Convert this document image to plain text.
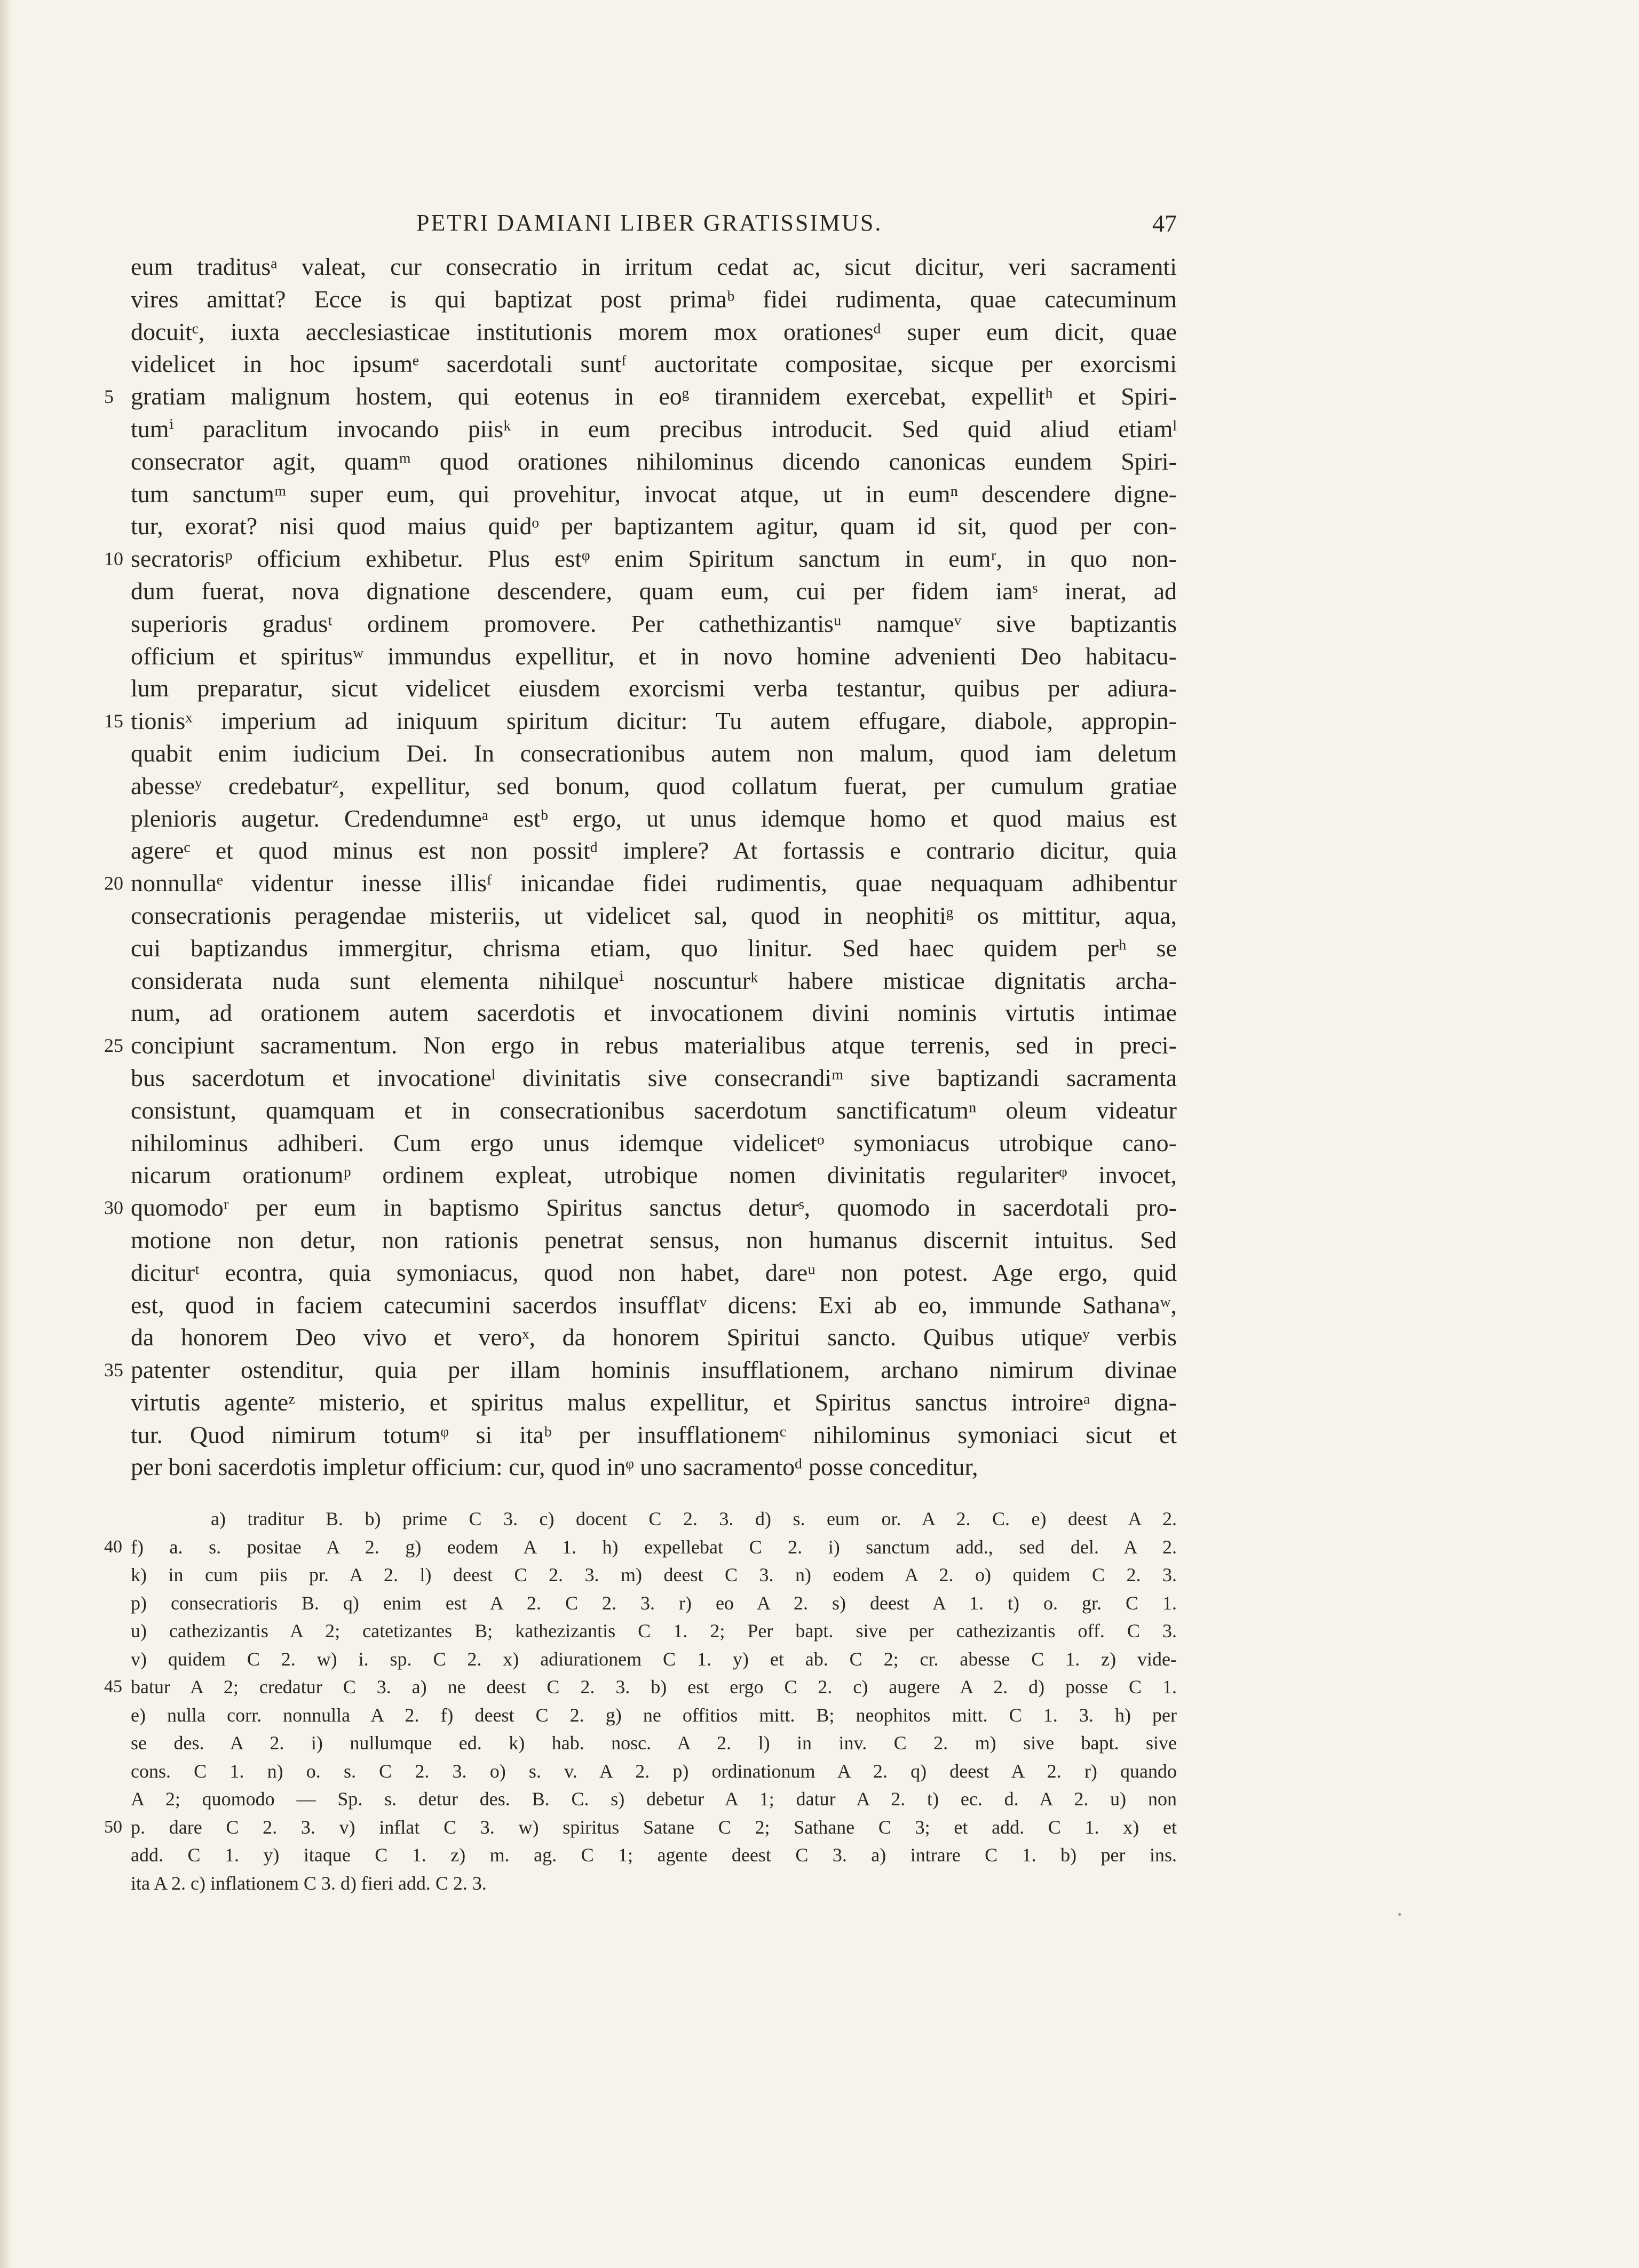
PETRI DAMIANI LIBER GRATISSIMUS.	47
eum traditusᵃ valeat, cur consecratio in irritum cedat ac, sicut dicitur, veri sacramenti
vires amittat? Ecce is qui baptizat post primaᵇ fidei rudimenta, quae catecuminum
docuitᶜ, iuxta aecclesiasticae institutionis morem mox orationesᵈ super eum dicit, quae
videlicet in hoc ipsumᵉ sacerdotali suntᶠ auctoritate compositae, sicque per exorcismi
5 gratiam malignum hostem, qui eotenus in eoᵍ tirannidem exercebat, expellitʰ et Spiri-
tumⁱ paraclitum invocando piisᵏ in eum precibus introducit. Sed quid aliud etiamˡ
consecrator agit, quamᵐ quod orationes nihilominus dicendo canonicas eundem Spiri-
tum sanctumᵐ super eum, qui provehitur, invocat atque, ut in eumⁿ descendere digne-
tur, exorat? nisi quod maius quidᵒ per baptizantem agitur, quam id sit, quod per con-
10 secratorisᵖ officium exhibetur. Plus estᵠ enim Spiritum sanctum in eumʳ, in quo non-
dum fuerat, nova dignatione descendere, quam eum, cui per fidem iamˢ inerat, ad
superioris gradusᵗ ordinem promovere. Per cathethizantisᵘ namqueᵛ sive baptizantis
officium et spiritusʷ immundus expellitur, et in novo homine advenienti Deo habitacu-
lum preparatur, sicut videlicet eiusdem exorcismi verba testantur, quibus per adiura-
15 tionisˣ imperium ad iniquum spiritum dicitur: Tu autem effugare, diabole, appropin-
quabit enim iudicium Dei. In consecrationibus autem non malum, quod iam deletum
abesseʸ credebaturᶻ, expellitur, sed bonum, quod collatum fuerat, per cumulum gratiae
plenioris augetur. Credendumneᵃ estᵇ ergo, ut unus idemque homo et quod maius est
agereᶜ et quod minus est non possitᵈ implere? At fortassis e contrario dicitur, quia
20 nonnullaᵉ videntur inesse illisᶠ inicandae fidei rudimentis, quae nequaquam adhibentur
consecrationis peragendae misteriis, ut videlicet sal, quod in neophitiᵍ os mittitur, aqua,
cui baptizandus immergitur, chrisma etiam, quo linitur. Sed haec quidem perʰ se
considerata nuda sunt elementa nihilqueⁱ noscunturᵏ habere misticae dignitatis archa-
num, ad orationem autem sacerdotis et invocationem divini nominis virtutis intimae
25 concipiunt sacramentum. Non ergo in rebus materialibus atque terrenis, sed in preci-
bus sacerdotum et invocationeˡ divinitatis sive consecrandiᵐ sive baptizandi sacramenta
consistunt, quamquam et in consecrationibus sacerdotum sanctificatumⁿ oleum videatur
nihilominus adhiberi. Cum ergo unus idemque videlicetᵒ symoniacus utrobique cano-
nicarum orationumᵖ ordinem expleat, utrobique nomen divinitatis regulariterᵠ invocet,
30 quomodoʳ per eum in baptismo Spiritus sanctus deturˢ, quomodo in sacerdotali pro-
motione non detur, non rationis penetrat sensus, non humanus discernit intuitus. Sed
diciturᵗ econtra, quia symoniacus, quod non habet, dareᵘ non potest. Age ergo, quid
est, quod in faciem catecumini sacerdos insufflatᵛ dicens: Exi ab eo, immunde Sathanaʷ,
da honorem Deo vivo et veroˣ, da honorem Spiritui sancto. Quibus utiqueʸ verbis
35 patenter ostenditur, quia per illam hominis insufflationem, archano nimirum divinae
virtutis agenteᶻ misterio, et spiritus malus expellitur, et Spiritus sanctus introireᵃ digna-
tur. Quod nimirum totumᵠ si itaᵇ per insufflationemᶜ nihilominus symoniaci sicut et
per boni sacerdotis impletur officium: cur, quod inᵠ uno sacramentoᵈ posse conceditur,
a) traditur B. b) prime C 3. c) docent C 2. 3. d) s. eum or. A 2. C. e) deest A 2.
40 f) a. s. positae A 2. g) eodem A 1. h) expellebat C 2. i) sanctum add., sed del. A 2.
k) in cum piis pr. A 2. l) deest C 2. 3. m) deest C 3. n) eodem A 2. o) quidem C 2. 3.
p) consecratioris B. q) enim est A 2. C 2. 3. r) eo A 2. s) deest A 1. t) o. gr. C 1.
u) cathezizantis A 2; catetizantes B; kathezizantis C 1. 2; Per bapt. sive per cathezizantis off. C 3.
v) quidem C 2. w) i. sp. C 2. x) adiurationem C 1. y) et ab. C 2; cr. abesse C 1. z) vide-
45 batur A 2; credatur C 3. a) ne deest C 2. 3. b) est ergo C 2. c) augere A 2. d) posse C 1.
e) nulla corr. nonnulla A 2. f) deest C 2. g) ne offitios mitt. B; neophitos mitt. C 1. 3. h) per
se des. A 2. i) nullumque ed. k) hab. nosc. A 2. l) in inv. C 2. m) sive bapt. sive
cons. C 1. n) o. s. C 2. 3. o) s. v. A 2. p) ordinationum A 2. q) deest A 2. r) quando
A 2; quomodo — Sp. s. detur des. B. C. s) debetur A 1; datur A 2. t) ec. d. A 2. u) non
50 p. dare C 2. 3. v) inflat C 3. w) spiritus Satane C 2; Sathane C 3; et add. C 1. x) et
add. C 1. y) itaque C 1. z) m. ag. C 1; agente deest C 3. a) intrare C 1. b) per ins.
ita A 2. c) inflationem C 3. d) fieri add. C 2. 3.
